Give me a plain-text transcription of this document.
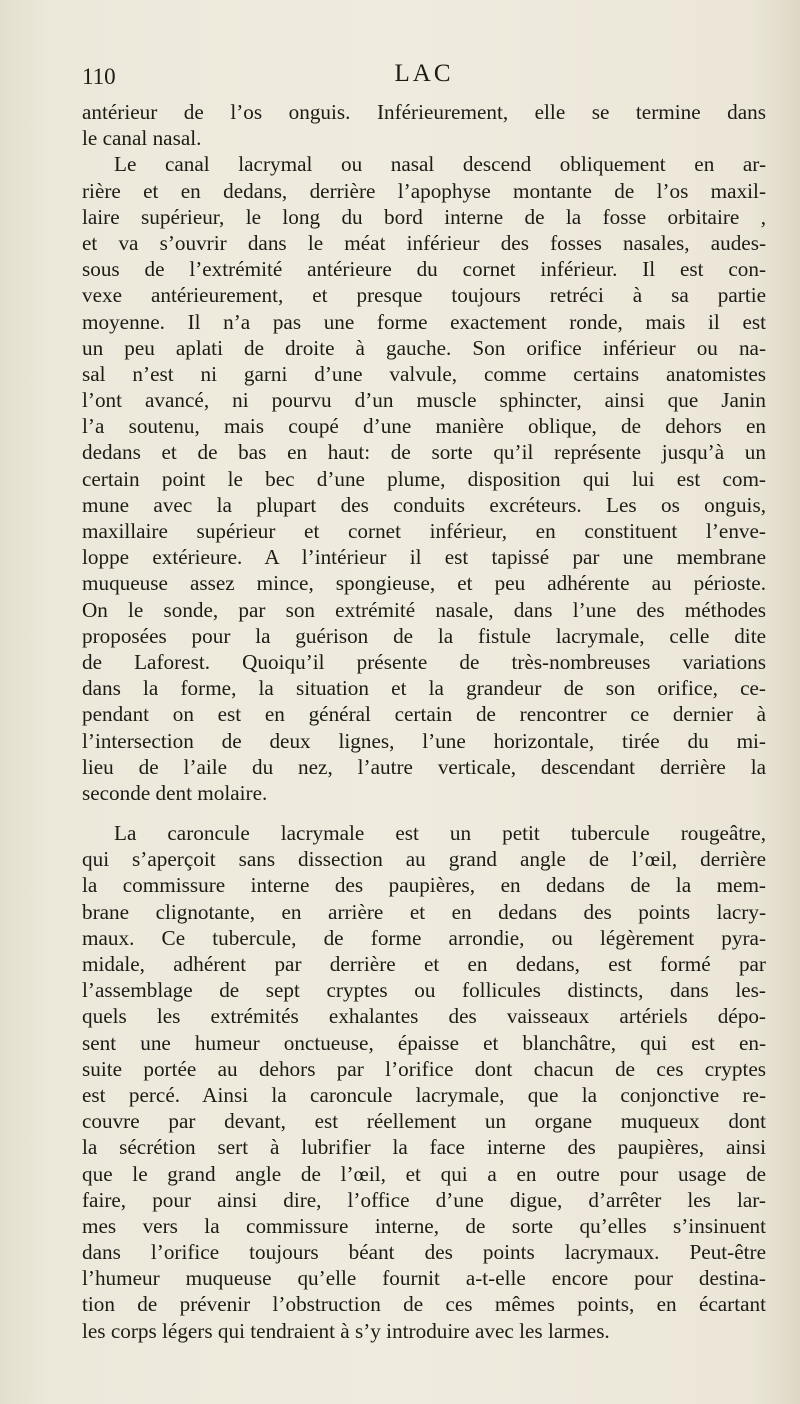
110	LAC
antérieur de l’os onguis. Inférieurement, elle se termine dans
le canal nasal.
Le canal lacrymal ou nasal descend obliquement en ar-
rière et en dedans, derrière l’apophyse montante de l’os maxil-
laire supérieur, le long du bord interne de la fosse orbitaire ,
et va s’ouvrir dans le méat inférieur des fosses nasales, audes-
sous de l’extrémité antérieure du cornet inférieur. Il est con-
vexe antérieurement, et presque toujours retréci à sa partie
moyenne. Il n’a pas une forme exactement ronde, mais il est
un peu aplati de droite à gauche. Son orifice inférieur ou na-
sal n’est ni garni d’une valvule, comme certains anatomistes
l’ont avancé, ni pourvu d’un muscle sphincter, ainsi que Janin
l’a soutenu, mais coupé d’une manière oblique, de dehors en
dedans et de bas en haut: de sorte qu’il représente jusqu’à un
certain point le bec d’une plume, disposition qui lui est com-
mune avec la plupart des conduits excréteurs. Les os onguis,
maxillaire supérieur et cornet inférieur, en constituent l’enve-
loppe extérieure. A l’intérieur il est tapissé par une membrane
muqueuse assez mince, spongieuse, et peu adhérente au périoste.
On le sonde, par son extrémité nasale, dans l’une des méthodes
proposées pour la guérison de la fistule lacrymale, celle dite
de Laforest. Quoiqu’il présente de très-nombreuses variations
dans la forme, la situation et la grandeur de son orifice, ce-
pendant on est en général certain de rencontrer ce dernier à
l’intersection de deux lignes, l’une horizontale, tirée du mi-
lieu de l’aile du nez, l’autre verticale, descendant derrière la
seconde dent molaire.
La caroncule lacrymale est un petit tubercule rougeâtre,
qui s’aperçoit sans dissection au grand angle de l’œil, derrière
la commissure interne des paupières, en dedans de la mem-
brane clignotante, en arrière et en dedans des points lacry-
maux. Ce tubercule, de forme arrondie, ou légèrement pyra-
midale, adhérent par derrière et en dedans, est formé par
l’assemblage de sept cryptes ou follicules distincts, dans les-
quels les extrémités exhalantes des vaisseaux artériels dépo-
sent une humeur onctueuse, épaisse et blanchâtre, qui est en-
suite portée au dehors par l’orifice dont chacun de ces cryptes
est percé. Ainsi la caroncule lacrymale, que la conjonctive re-
couvre par devant, est réellement un organe muqueux dont
la sécrétion sert à lubrifier la face interne des paupières, ainsi
que le grand angle de l’œil, et qui a en outre pour usage de
faire, pour ainsi dire, l’office d’une digue, d’arrêter les lar-
mes vers la commissure interne, de sorte qu’elles s’insinuent
dans l’orifice toujours béant des points lacrymaux. Peut-être
l’humeur muqueuse qu’elle fournit a-t-elle encore pour destina-
tion de prévenir l’obstruction de ces mêmes points, en écartant
les corps légers qui tendraient à s’y introduire avec les larmes.
